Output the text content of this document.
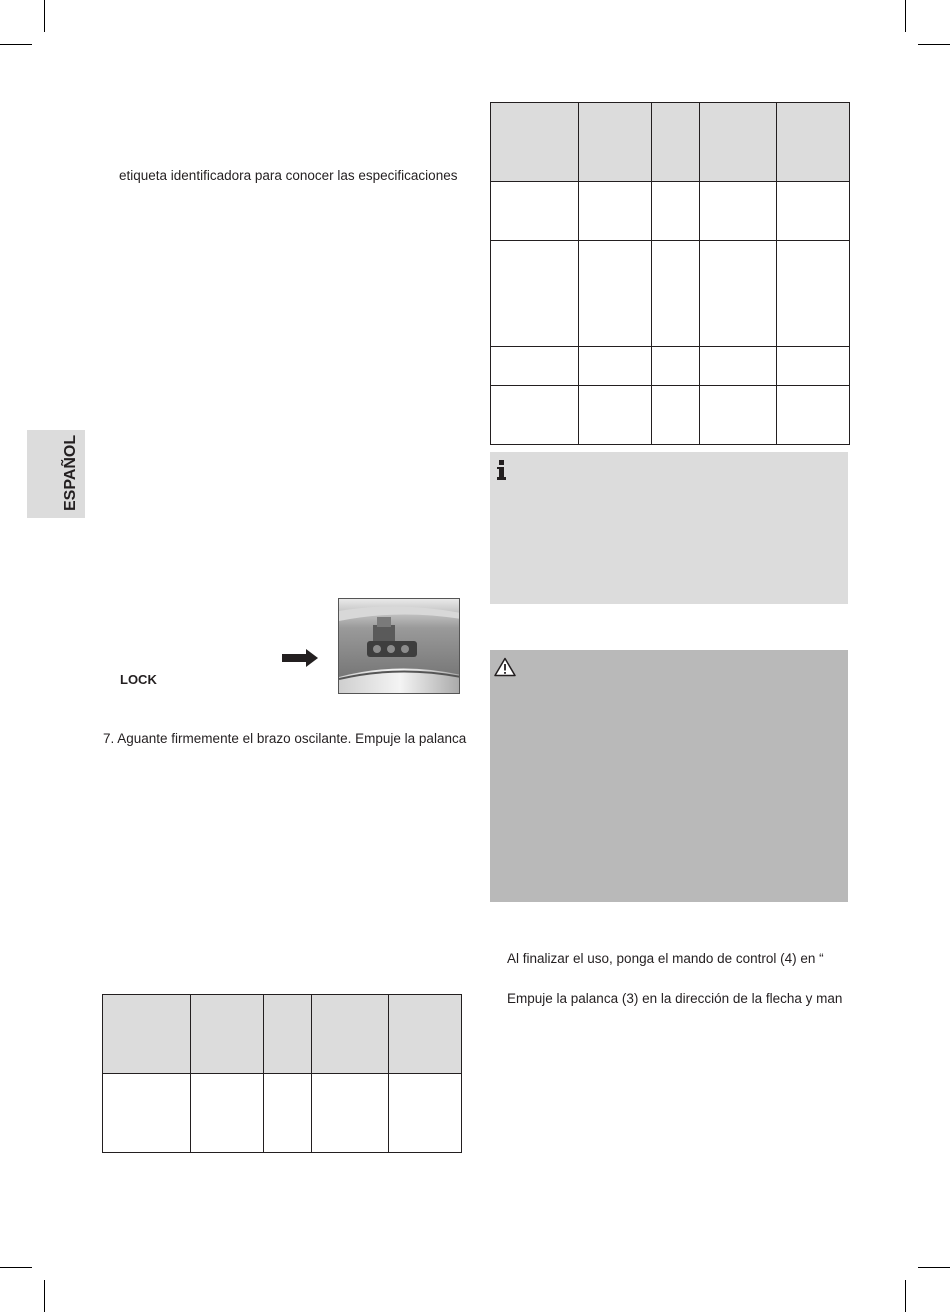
ESPAÑOL
etiqueta identificadora para conocer las especificaciones
LOCK
7. Aguante firmemente el brazo oscilante. Empuje la palanca

Al finalizar el uso, ponga el mando de control (4) en “
Empuje la palanca (3) en la dirección de la flecha y man
